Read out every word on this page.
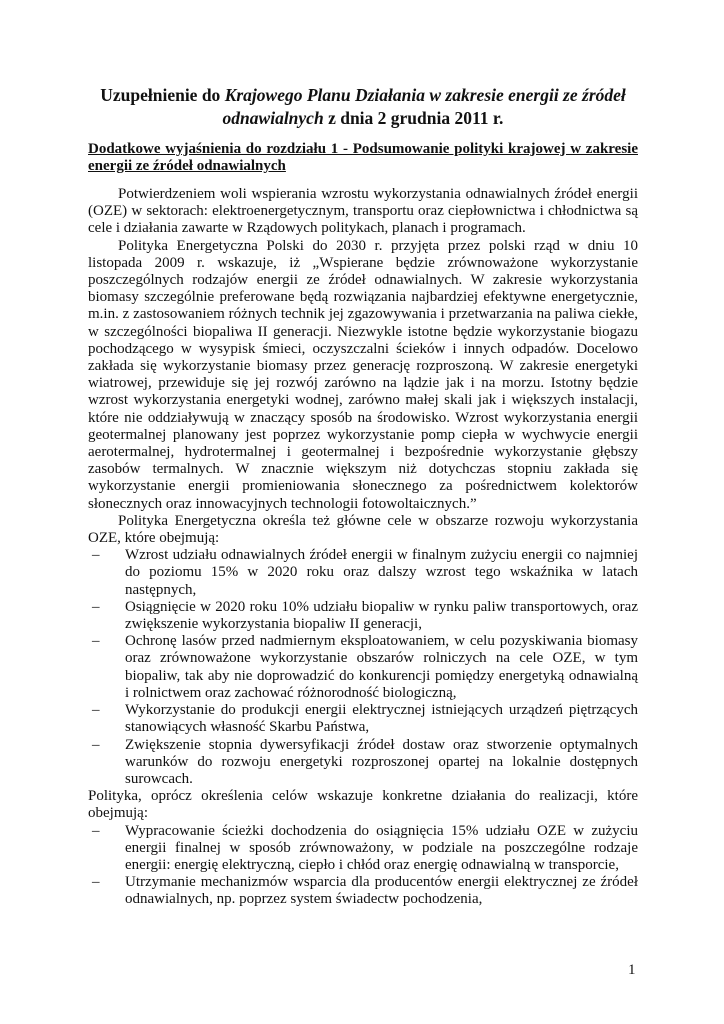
Uzupełnienie do Krajowego Planu Działania w zakresie energii ze źródeł odnawialnych z dnia 2 grudnia 2011 r.
Dodatkowe wyjaśnienia do rozdziału 1 - Podsumowanie polityki krajowej w zakresie energii ze źródeł odnawialnych

Potwierdzeniem woli wspierania wzrostu wykorzystania odnawialnych źródeł energii (OZE) w sektorach: elektroenergetycznym, transportu oraz ciepłownictwa i chłodnictwa są cele i działania zawarte w Rządowych politykach, planach i programach.

Polityka Energetyczna Polski do 2030 r. przyjęta przez polski rząd w dniu 10 listopada 2009 r. wskazuje, iż „Wspierane będzie zrównoważone wykorzystanie poszczególnych rodzajów energii ze źródeł odnawialnych. W zakresie wykorzystania biomasy szczególnie preferowane będą rozwiązania najbardziej efektywne energetycznie, m.in. z zastosowaniem różnych technik jej zgazowywania i przetwarzania na paliwa ciekłe, w szczególności biopaliwa II generacji. Niezwykle istotne będzie wykorzystanie biogazu pochodzącego w wysypisk śmieci, oczyszczalni ścieków i innych odpadów. Docelowo zakłada się wykorzystanie biomasy przez generację rozproszoną. W zakresie energetyki wiatrowej, przewiduje się jej rozwój zarówno na lądzie jak i na morzu. Istotny będzie wzrost wykorzystania energetyki wodnej, zarówno małej skali jak i większych instalacji, które nie oddziaływują w znaczący sposób na środowisko. Wzrost wykorzystania energii geotermalnej planowany jest poprzez wykorzystanie pomp ciepła w wychwycie energii aerotermalnej, hydrotermalnej i geotermalnej i bezpośrednie wykorzystanie głębszy zasobów termalnych. W znacznie większym niż dotychczas stopniu zakłada się wykorzystanie energii promieniowania słonecznego za pośrednictwem kolektorów słonecznych oraz innowacyjnych technologii fotowoltaicznych.”

Polityka Energetyczna określa też główne cele w obszarze rozwoju wykorzystania OZE, które obejmują:

– Wzrost udziału odnawialnych źródeł energii w finalnym zużyciu energii co najmniej do poziomu 15% w 2020 roku oraz dalszy wzrost tego wskaźnika w latach następnych,
– Osiągnięcie w 2020 roku 10% udziału biopaliw w rynku paliw transportowych, oraz zwiększenie wykorzystania biopaliw II generacji,
– Ochronę lasów przed nadmiernym eksploatowaniem, w celu pozyskiwania biomasy oraz zrównoważone wykorzystanie obszarów rolniczych na cele OZE, w tym biopaliw, tak aby nie doprowadzić do konkurencji pomiędzy energetyką odnawialną i rolnictwem oraz zachować różnorodność biologiczną,
– Wykorzystanie do produkcji energii elektrycznej istniejących urządzeń piętrzących stanowiących własność Skarbu Państwa,
– Zwiększenie stopnia dywersyfikacji źródeł dostaw oraz stworzenie optymalnych warunków do rozwoju energetyki rozproszonej opartej na lokalnie dostępnych surowcach.

Polityka, oprócz określenia celów wskazuje konkretne działania do realizacji, które obejmują:

– Wypracowanie ścieżki dochodzenia do osiągnięcia 15% udziału OZE w zużyciu energii finalnej w sposób zrównoważony, w podziale na poszczególne rodzaje energii: energię elektryczną, ciepło i chłód oraz energię odnawialną w transporcie,
– Utrzymanie mechanizmów wsparcia dla producentów energii elektrycznej ze źródeł odnawialnych, np. poprzez system świadectw pochodzenia,
1
